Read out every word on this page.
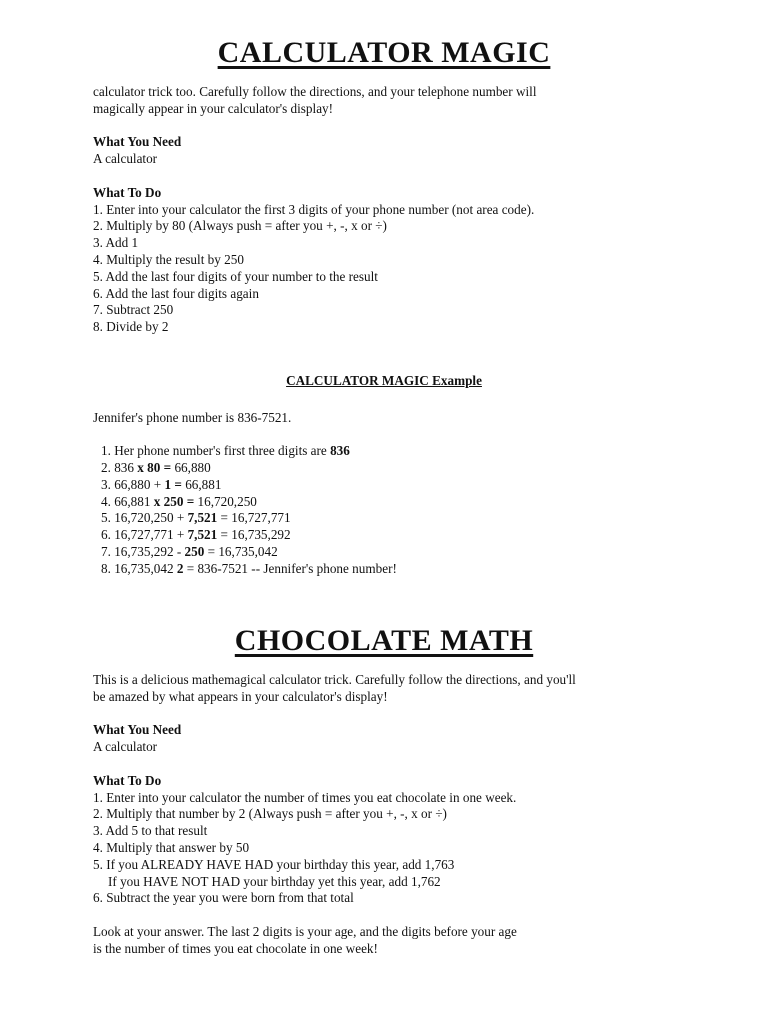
CALCULATOR MAGIC

calculator trick too. Carefully follow the directions, and your telephone number will

magically appear in your calculator's display!

What You Need

A calculator

What To Do

1. Enter into your calculator the first 3 digits of your phone number (not area code).

2. Multiply by 80 (Always push = after you +, -, x or ÷)

3. Add 1

4. Multiply the result by 250

5. Add the last four digits of your number to the result

6. Add the last four digits again

7. Subtract 250

8. Divide by 2

CALCULATOR MAGIC Example

Jennifer's phone number is 836-7521.

1. Her phone number's first three digits are 836

2. 836 x 80 = 66,880

3. 66,880 + 1 = 66,881

4. 66,881 x 250 = 16,720,250

5. 16,720,250 + 7,521 = 16,727,771

6. 16,727,771 + 7,521 = 16,735,292

7. 16,735,292 - 250 = 16,735,042

8. 16,735,042 2 = 836-7521 -- Jennifer's phone number!

CHOCOLATE MATH

This is a delicious mathemagical calculator trick. Carefully follow the directions, and you'll

be amazed by what appears in your calculator's display!

What You Need

A calculator

What To Do

1. Enter into your calculator the number of times you eat chocolate in one week.

2. Multiply that number by 2 (Always push = after you +, -, x or ÷)

3. Add 5 to that result

4. Multiply that answer by 50

5. If you ALREADY HAVE HAD your birthday this year, add 1,763

If you HAVE NOT HAD your birthday yet this year, add 1,762

6. Subtract the year you were born from that total

Look at your answer. The last 2 digits is your age, and the digits before your age

is the number of times you eat chocolate in one week!
